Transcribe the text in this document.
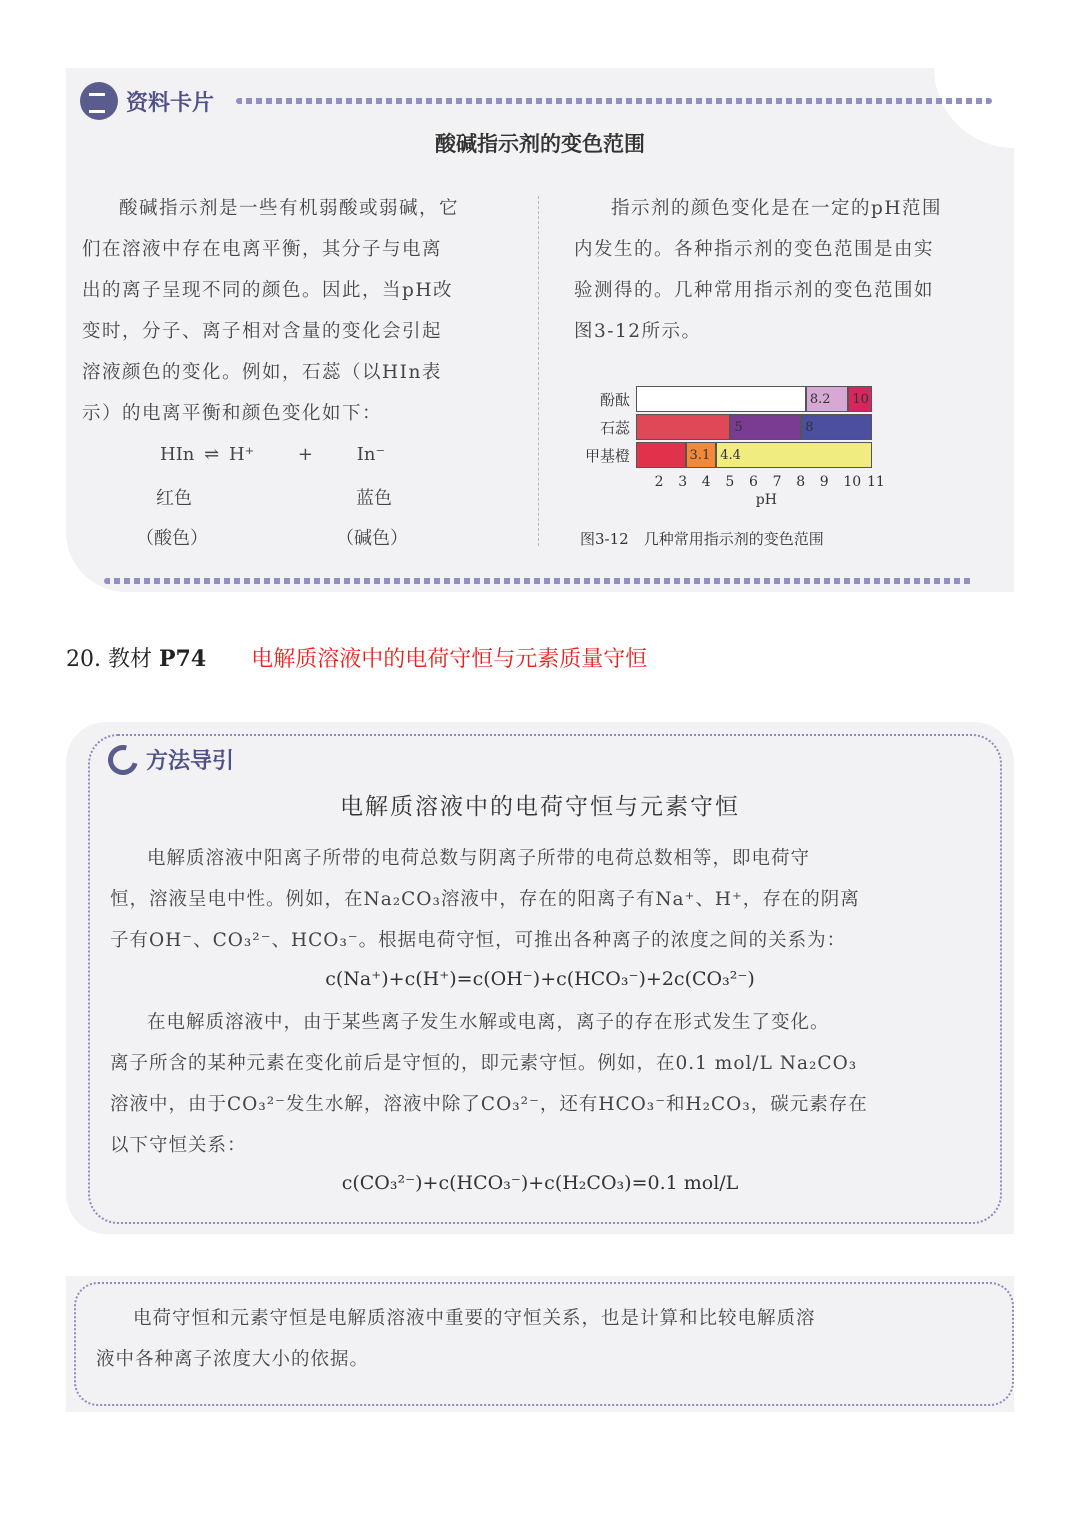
资料卡片
酸碱指示剂的变色范围
酸碱指示剂是一些有机弱酸或弱碱，它
们在溶液中存在电离平衡，其分子与电离
出的离子呈现不同的颜色。因此，当pH改
变时，分子、离子相对含量的变化会引起
溶液颜色的变化。例如，石蕊（以HIn表
示）的电离平衡和颜色变化如下：
HIn ⇌ H⁺ + In⁻
红色	蓝色
（酸色）	（碱色）
指示剂的颜色变化是在一定的pH范围
内发生的。各种指示剂的变色范围是由实
验测得的。几种常用指示剂的变色范围如
图3-12所示。
酚酞	8.2	10
石蕊	5	8
甲基橙	3.1 4.4
2 3 4 5 6 7 8 9 10 11
pH
图3-12　几种常用指示剂的变色范围
20. 教材 P74 电解质溶液中的电荷守恒与元素质量守恒
方法导引
电解质溶液中的电荷守恒与元素守恒
电解质溶液中阳离子所带的电荷总数与阴离子所带的电荷总数相等，即电荷守
恒，溶液呈电中性。例如，在Na₂CO₃溶液中，存在的阳离子有Na⁺、H⁺，存在的阴离
子有OH⁻、CO₃²⁻、HCO₃⁻。根据电荷守恒，可推出各种离子的浓度之间的关系为：
c(Na⁺)+c(H⁺)=c(OH⁻)+c(HCO₃⁻)+2c(CO₃²⁻)
在电解质溶液中，由于某些离子发生水解或电离，离子的存在形式发生了变化。
离子所含的某种元素在变化前后是守恒的，即元素守恒。例如，在0.1 mol/L Na₂CO₃
溶液中，由于CO₃²⁻发生水解，溶液中除了CO₃²⁻，还有HCO₃⁻和H₂CO₃，碳元素存在
以下守恒关系：
c(CO₃²⁻)+c(HCO₃⁻)+c(H₂CO₃)=0.1 mol/L
电荷守恒和元素守恒是电解质溶液中重要的守恒关系，也是计算和比较电解质溶
液中各种离子浓度大小的依据。
